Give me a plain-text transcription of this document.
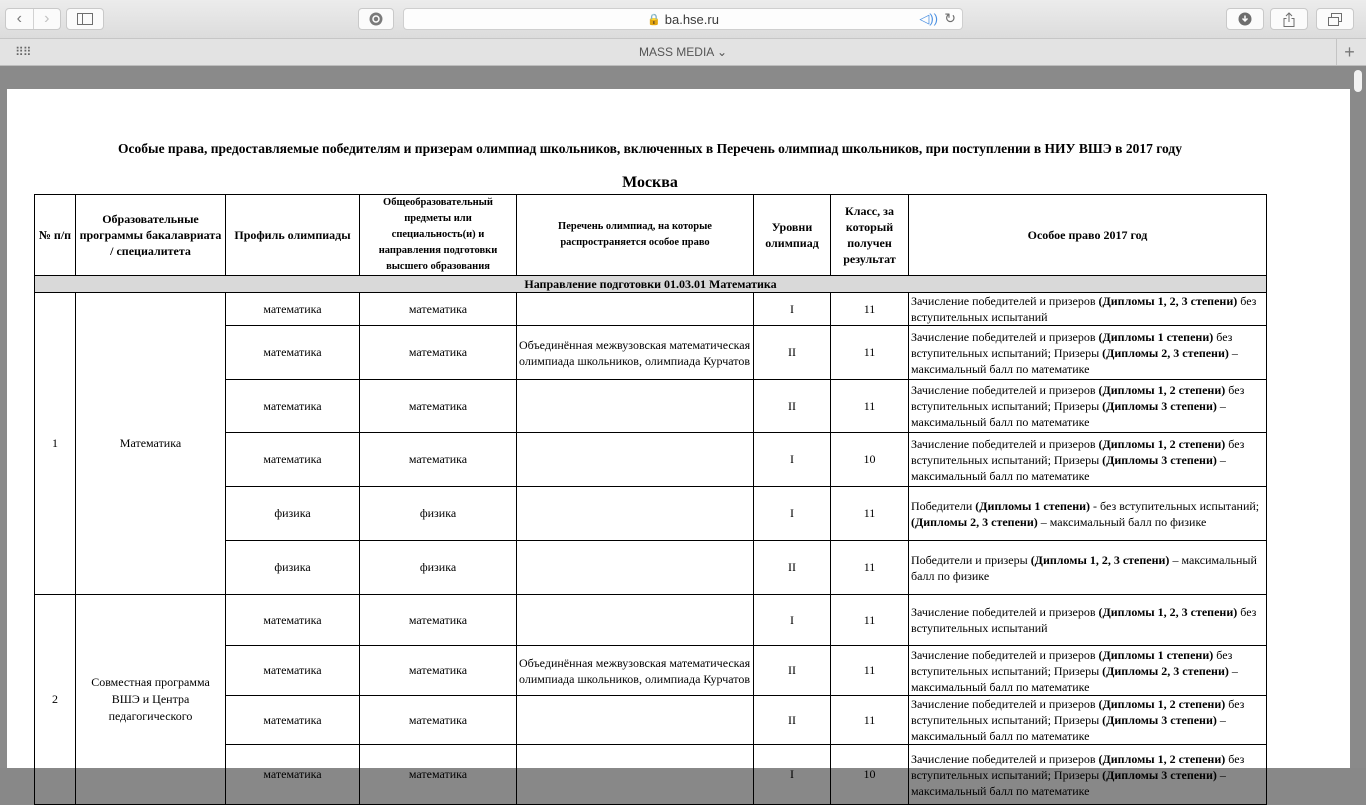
‹	›	🔒 ba.hse.ru	◁)) ↻
⠿⠿	MASS MEDIA ⌄	+
Особые права, предоставляемые победителям и призерам олимпиад школьников, включенных в Перечень олимпиад школьников, при поступлении в НИУ ВШЭ в 2017 году
Москва
№ п/п	Образовательные программы бакалавриата / специалитета	Профиль олимпиады	Общеобразовательный предметы или специальность(и) и направления подготовки высшего образования	Перечень олимпиад, на которые распространяется особое право	Уровни олимпиад	Класс, за который получен результат	Особое право 2017 год
Направление подготовки 01.03.01 Математика							
1	Математика	математика	математика		I	11	Зачисление победителей и призеров (Дипломы 1, 2, 3 степени) без вступительных испытаний
		математика	математика	Объединённая межвузовская математическая олимпиада школьников, олимпиада Курчатов	II	11	Зачисление победителей и призеров (Дипломы 1 степени) без вступительных испытаний; Призеры (Дипломы 2, 3 степени) – максимальный балл по математике
		математика	математика		II	11	Зачисление победителей и призеров (Дипломы 1, 2 степени) без вступительных испытаний; Призеры (Дипломы 3 степени) – максимальный балл по математике
		математика	математика		I	10	Зачисление победителей и призеров (Дипломы 1, 2 степени) без вступительных испытаний; Призеры (Дипломы 3 степени) – максимальный балл по математике
		физика	физика		I	11	Победители (Дипломы 1 степени) - без вступительных испытаний; (Дипломы 2, 3 степени) – максимальный балл по физике
		физика	физика		II	11	Победители и призеры (Дипломы 1, 2, 3 степени) – максимальный балл по физике
2	Совместная программа ВШЭ и Центра педагогического	математика	математика		I	11	Зачисление победителей и призеров (Дипломы 1, 2, 3 степени) без вступительных испытаний
		математика	математика	Объединённая межвузовская математическая олимпиада школьников, олимпиада Курчатов	II	11	Зачисление победителей и призеров (Дипломы 1 степени) без вступительных испытаний; Призеры (Дипломы 2, 3 степени) – максимальный балл по математике
		математика	математика		II	11	Зачисление победителей и призеров (Дипломы 1, 2 степени) без вступительных испытаний; Призеры (Дипломы 3 степени) – максимальный балл по математике
		математика	математика		I	10	Зачисление победителей и призеров (Дипломы 1, 2 степени) без вступительных испытаний; Призеры (Дипломы 3 степени) – максимальный балл по математике
